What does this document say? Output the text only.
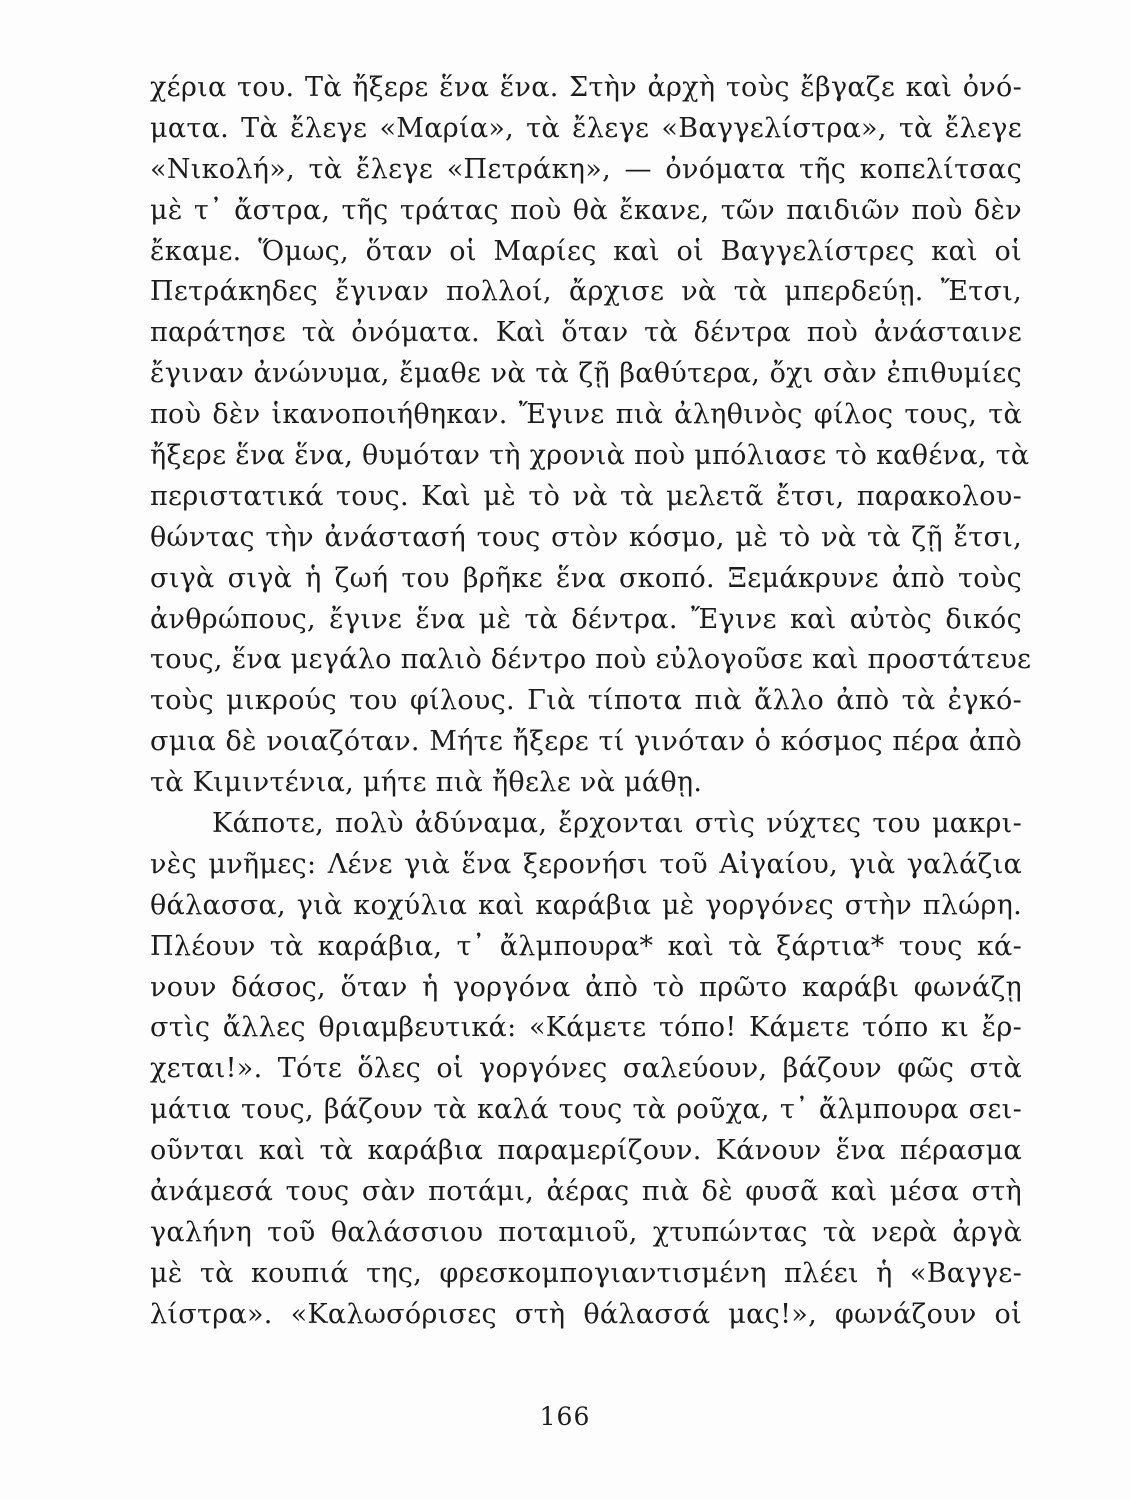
χέρια του. Τὰ ἤξερε ἕνα ἕνα. Στὴν ἀρχὴ τοὺς ἔβγαζε καὶ ὀνό-
ματα. Τὰ ἔλεγε «Μαρία», τὰ ἔλεγε «Βαγγελίστρα», τὰ ἔλεγε
«Νικολή», τὰ ἔλεγε «Πετράκη», — ὀνόματα τῆς κοπελίτσας
μὲ τ᾿ ἄστρα, τῆς τράτας ποὺ θὰ ἔκανε, τῶν παιδιῶν ποὺ δὲν
ἔκαμε. Ὅμως, ὅταν οἱ Μαρίες καὶ οἱ Βαγγελίστρες καὶ οἱ
Πετράκηδες ἔγιναν πολλοί, ἄρχισε νὰ τὰ μπερδεύῃ. Ἔτσι,
παράτησε τὰ ὀνόματα. Καὶ ὅταν τὰ δέντρα ποὺ ἀνάσταινε
ἔγιναν ἀνώνυμα, ἔμαθε νὰ τὰ ζῇ βαθύτερα, ὄχι σὰν ἐπιθυμίες
ποὺ δὲν ἱκανοποιήθηκαν. Ἔγινε πιὰ ἀληθινὸς φίλος τους, τὰ
ἤξερε ἕνα ἕνα, θυμόταν τὴ χρονιὰ ποὺ μπόλιασε τὸ καθένα, τὰ
περιστατικά τους. Καὶ μὲ τὸ νὰ τὰ μελετᾶ ἔτσι, παρακολου-
θώντας τὴν ἀνάστασή τους στὸν κόσμο, μὲ τὸ νὰ τὰ ζῇ ἔτσι,
σιγὰ σιγὰ ἡ ζωή του βρῆκε ἕνα σκοπό. Ξεμάκρυνε ἀπὸ τοὺς
ἀνθρώπους, ἔγινε ἕνα μὲ τὰ δέντρα. Ἔγινε καὶ αὐτὸς δικός
τους, ἕνα μεγάλο παλιὸ δέντρο ποὺ εὐλογοῦσε καὶ προστάτευε
τοὺς μικρούς του φίλους. Γιὰ τίποτα πιὰ ἄλλο ἀπὸ τὰ ἐγκό-
σμια δὲ νοιαζόταν. Μήτε ἤξερε τί γινόταν ὁ κόσμος πέρα ἀπὸ
τὰ Κιμιντένια, μήτε πιὰ ἤθελε νὰ μάθῃ.
Κάποτε, πολὺ ἀδύναμα, ἔρχονται στὶς νύχτες του μακρι-
νὲς μνῆμες: Λένε γιὰ ἕνα ξερονήσι τοῦ Αἰγαίου, γιὰ γαλάζια
θάλασσα, γιὰ κοχύλια καὶ καράβια μὲ γοργόνες στὴν πλώρη.
Πλέουν τὰ καράβια, τ᾿ ἄλμπουρα* καὶ τὰ ξάρτια* τους κά-
νουν δάσος, ὅταν ἡ γοργόνα ἀπὸ τὸ πρῶτο καράβι φωνάζῃ
στὶς ἄλλες θριαμβευτικά: «Κάμετε τόπο! Κάμετε τόπο κι ἔρ-
χεται!». Τότε ὅλες οἱ γοργόνες σαλεύουν, βάζουν φῶς στὰ
μάτια τους, βάζουν τὰ καλά τους τὰ ροῦχα, τ᾿ ἄλμπουρα σει-
οῦνται καὶ τὰ καράβια παραμερίζουν. Κάνουν ἕνα πέρασμα
ἀνάμεσά τους σὰν ποτάμι, ἀέρας πιὰ δὲ φυσᾶ καὶ μέσα στὴ
γαλήνη τοῦ θαλάσσιου ποταμιοῦ, χτυπώντας τὰ νερὰ ἀργὰ
μὲ τὰ κουπιά της, φρεσκομπογιαντισμένη πλέει ἡ «Βαγγε-
λίστρα». «Καλωσόρισες στὴ θάλασσά μας!», φωνάζουν οἱ
166
